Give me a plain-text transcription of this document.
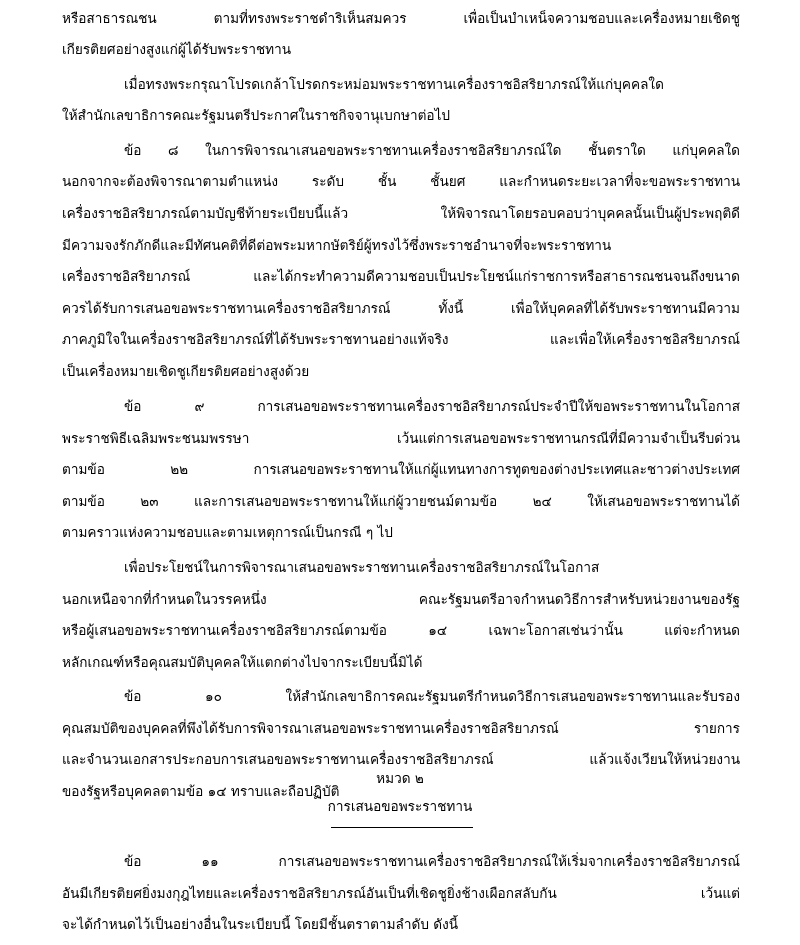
หรือสาธารณชน ตามที่ทรงพระราชดำริเห็นสมควร เพื่อเป็นบำเหน็จความชอบและเครื่องหมายเชิดชู
เกียรติยศอย่างสูงแก่ผู้ได้รับพระราชทาน
เมื่อทรงพระกรุณาโปรดเกล้าโปรดกระหม่อมพระราชทานเครื่องราชอิสริยาภรณ์ให้แก่บุคคลใด
ให้สำนักเลขาธิการคณะรัฐมนตรีประกาศในราชกิจจานุเบกษาต่อไป
ข้อ ๘ ในการพิจารณาเสนอขอพระราชทานเครื่องราชอิสริยาภรณ์ใด ชั้นตราใด แก่บุคคลใด
นอกจากจะต้องพิจารณาตามตำแหน่ง ระดับ ชั้น ชั้นยศ และกำหนดระยะเวลาที่จะขอพระราชทาน
เครื่องราชอิสริยาภรณ์ตามบัญชีท้ายระเบียบนี้แล้ว ให้พิจารณาโดยรอบคอบว่าบุคคลนั้นเป็นผู้ประพฤติดี
มีความจงรักภักดีและมีทัศนคติที่ดีต่อพระมหากษัตริย์ผู้ทรงไว้ซึ่งพระราชอำนาจที่จะพระราชทาน
เครื่องราชอิสริยาภรณ์ และได้กระทำความดีความชอบเป็นประโยชน์แก่ราชการหรือสาธารณชนจนถึงขนาด
ควรได้รับการเสนอขอพระราชทานเครื่องราชอิสริยาภรณ์ ทั้งนี้ เพื่อให้บุคคลที่ได้รับพระราชทานมีความ
ภาคภูมิใจในเครื่องราชอิสริยาภรณ์ที่ได้รับพระราชทานอย่างแท้จริง และเพื่อให้เครื่องราชอิสริยาภรณ์
เป็นเครื่องหมายเชิดชูเกียรติยศอย่างสูงด้วย
ข้อ ๙ การเสนอขอพระราชทานเครื่องราชอิสริยาภรณ์ประจำปีให้ขอพระราชทานในโอกาส
พระราชพิธีเฉลิมพระชนมพรรษา เว้นแต่การเสนอขอพระราชทานกรณีที่มีความจำเป็นรีบด่วน
ตามข้อ ๒๒ การเสนอขอพระราชทานให้แก่ผู้แทนทางการทูตของต่างประเทศและชาวต่างประเทศ
ตามข้อ ๒๓ และการเสนอขอพระราชทานให้แก่ผู้วายชนม์ตามข้อ ๒๔ ให้เสนอขอพระราชทานได้
ตามคราวแห่งความชอบและตามเหตุการณ์เป็นกรณี ๆ ไป
เพื่อประโยชน์ในการพิจารณาเสนอขอพระราชทานเครื่องราชอิสริยาภรณ์ในโอกาส
นอกเหนือจากที่กำหนดในวรรคหนึ่ง คณะรัฐมนตรีอาจกำหนดวิธีการสำหรับหน่วยงานของรัฐ
หรือผู้เสนอขอพระราชทานเครื่องราชอิสริยาภรณ์ตามข้อ ๑๔ เฉพาะโอกาสเช่นว่านั้น แต่จะกำหนด
หลักเกณฑ์หรือคุณสมบัติบุคคลให้แตกต่างไปจากระเบียบนี้มิได้
ข้อ ๑๐ ให้สำนักเลขาธิการคณะรัฐมนตรีกำหนดวิธีการเสนอขอพระราชทานและรับรอง
คุณสมบัติของบุคคลที่พึงได้รับการพิจารณาเสนอขอพระราชทานเครื่องราชอิสริยาภรณ์ รายการ
และจำนวนเอกสารประกอบการเสนอขอพระราชทานเครื่องราชอิสริยาภรณ์ แล้วแจ้งเวียนให้หน่วยงาน
ของรัฐหรือบุคคลตามข้อ ๑๔ ทราบและถือปฏิบัติ
หมวด ๒
การเสนอขอพระราชทาน
ข้อ ๑๑ การเสนอขอพระราชทานเครื่องราชอิสริยาภรณ์ให้เริ่มจากเครื่องราชอิสริยาภรณ์
อันมีเกียรติยศยิ่งมงกุฎไทยและเครื่องราชอิสริยาภรณ์อันเป็นที่เชิดชูยิ่งช้างเผือกสลับกัน เว้นแต่
จะได้กำหนดไว้เป็นอย่างอื่นในระเบียบนี้ โดยมีชั้นตราตามลำดับ ดังนี้
